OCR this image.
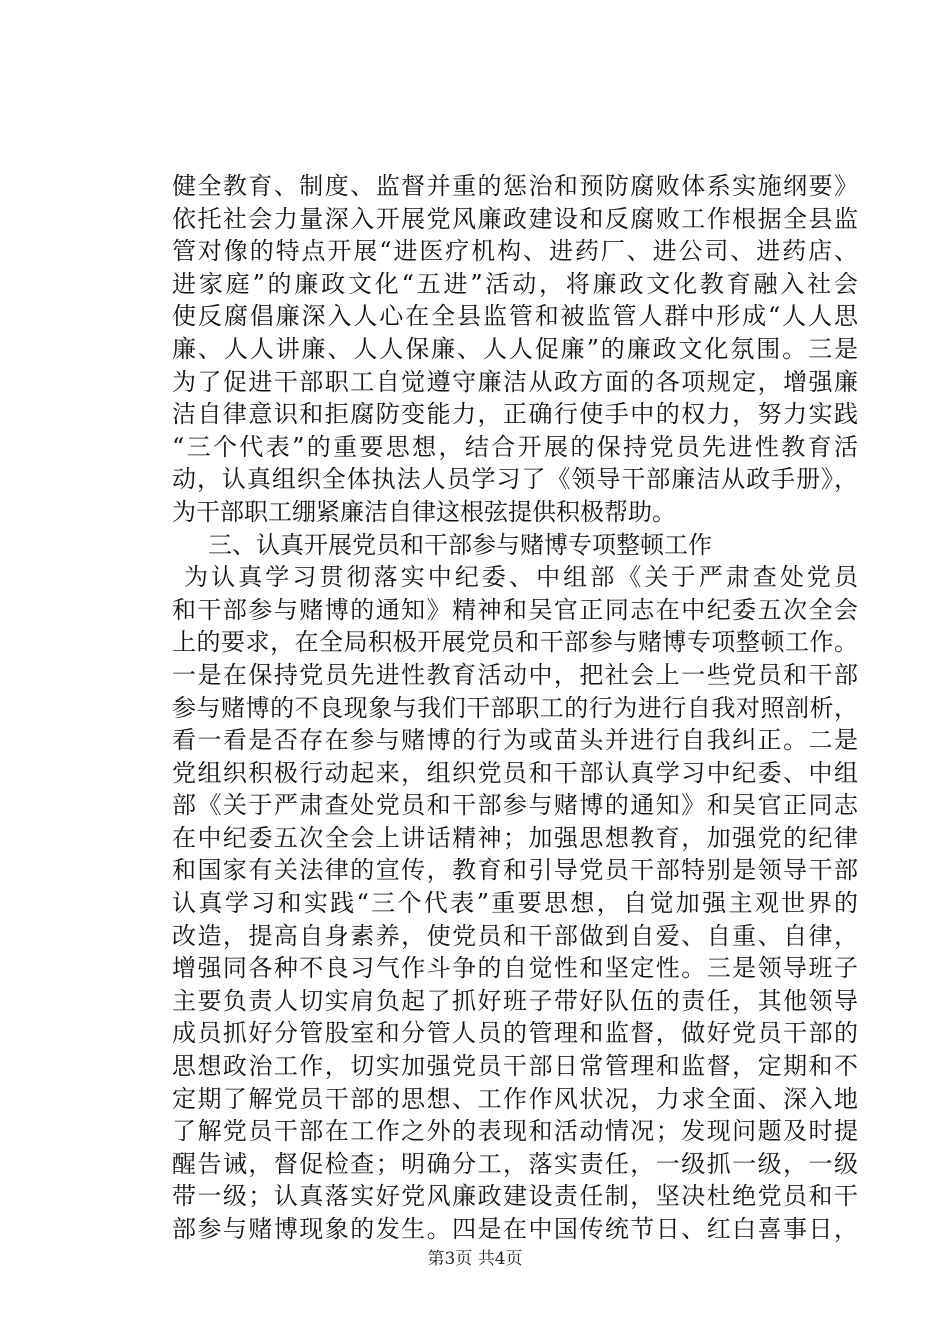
健全教育、制度、监督并重的惩治和预防腐败体系实施纲要》
依托社会力量深入开展党风廉政建设和反腐败工作根据全县监
管对像的特点开展“进医疗机构、进药厂、进公司、进药店、
进家庭”的廉政文化“五进”活动，将廉政文化教育融入社会
使反腐倡廉深入人心在全县监管和被监管人群中形成“人人思
廉、人人讲廉、人人保廉、人人促廉”的廉政文化氛围。三是
为了促进干部职工自觉遵守廉洁从政方面的各项规定，增强廉
洁自律意识和拒腐防变能力，正确行使手中的权力，努力实践
“三个代表”的重要思想，结合开展的保持党员先进性教育活
动，认真组织全体执法人员学习了《领导干部廉洁从政手册》，
为干部职工绷紧廉洁自律这根弦提供积极帮助。
三、认真开展党员和干部参与赌博专项整顿工作
为认真学习贯彻落实中纪委、中组部《关于严肃查处党员
和干部参与赌博的通知》精神和吴官正同志在中纪委五次全会
上的要求，在全局积极开展党员和干部参与赌博专项整顿工作。
一是在保持党员先进性教育活动中，把社会上一些党员和干部
参与赌博的不良现象与我们干部职工的行为进行自我对照剖析，
看一看是否存在参与赌博的行为或苗头并进行自我纠正。二是
党组织积极行动起来，组织党员和干部认真学习中纪委、中组
部《关于严肃查处党员和干部参与赌博的通知》和吴官正同志
在中纪委五次全会上讲话精神；加强思想教育，加强党的纪律
和国家有关法律的宣传，教育和引导党员干部特别是领导干部
认真学习和实践“三个代表”重要思想，自觉加强主观世界的
改造，提高自身素养，使党员和干部做到自爱、自重、自律，
增强同各种不良习气作斗争的自觉性和坚定性。三是领导班子
主要负责人切实肩负起了抓好班子带好队伍的责任，其他领导
成员抓好分管股室和分管人员的管理和监督，做好党员干部的
思想政治工作，切实加强党员干部日常管理和监督，定期和不
定期了解党员干部的思想、工作作风状况，力求全面、深入地
了解党员干部在工作之外的表现和活动情况；发现问题及时提
醒告诫，督促检查；明确分工，落实责任，一级抓一级，一级
带一级；认真落实好党风廉政建设责任制，坚决杜绝党员和干
部参与赌博现象的发生。四是在中国传统节日、红白喜事日，
第3页 共4页
